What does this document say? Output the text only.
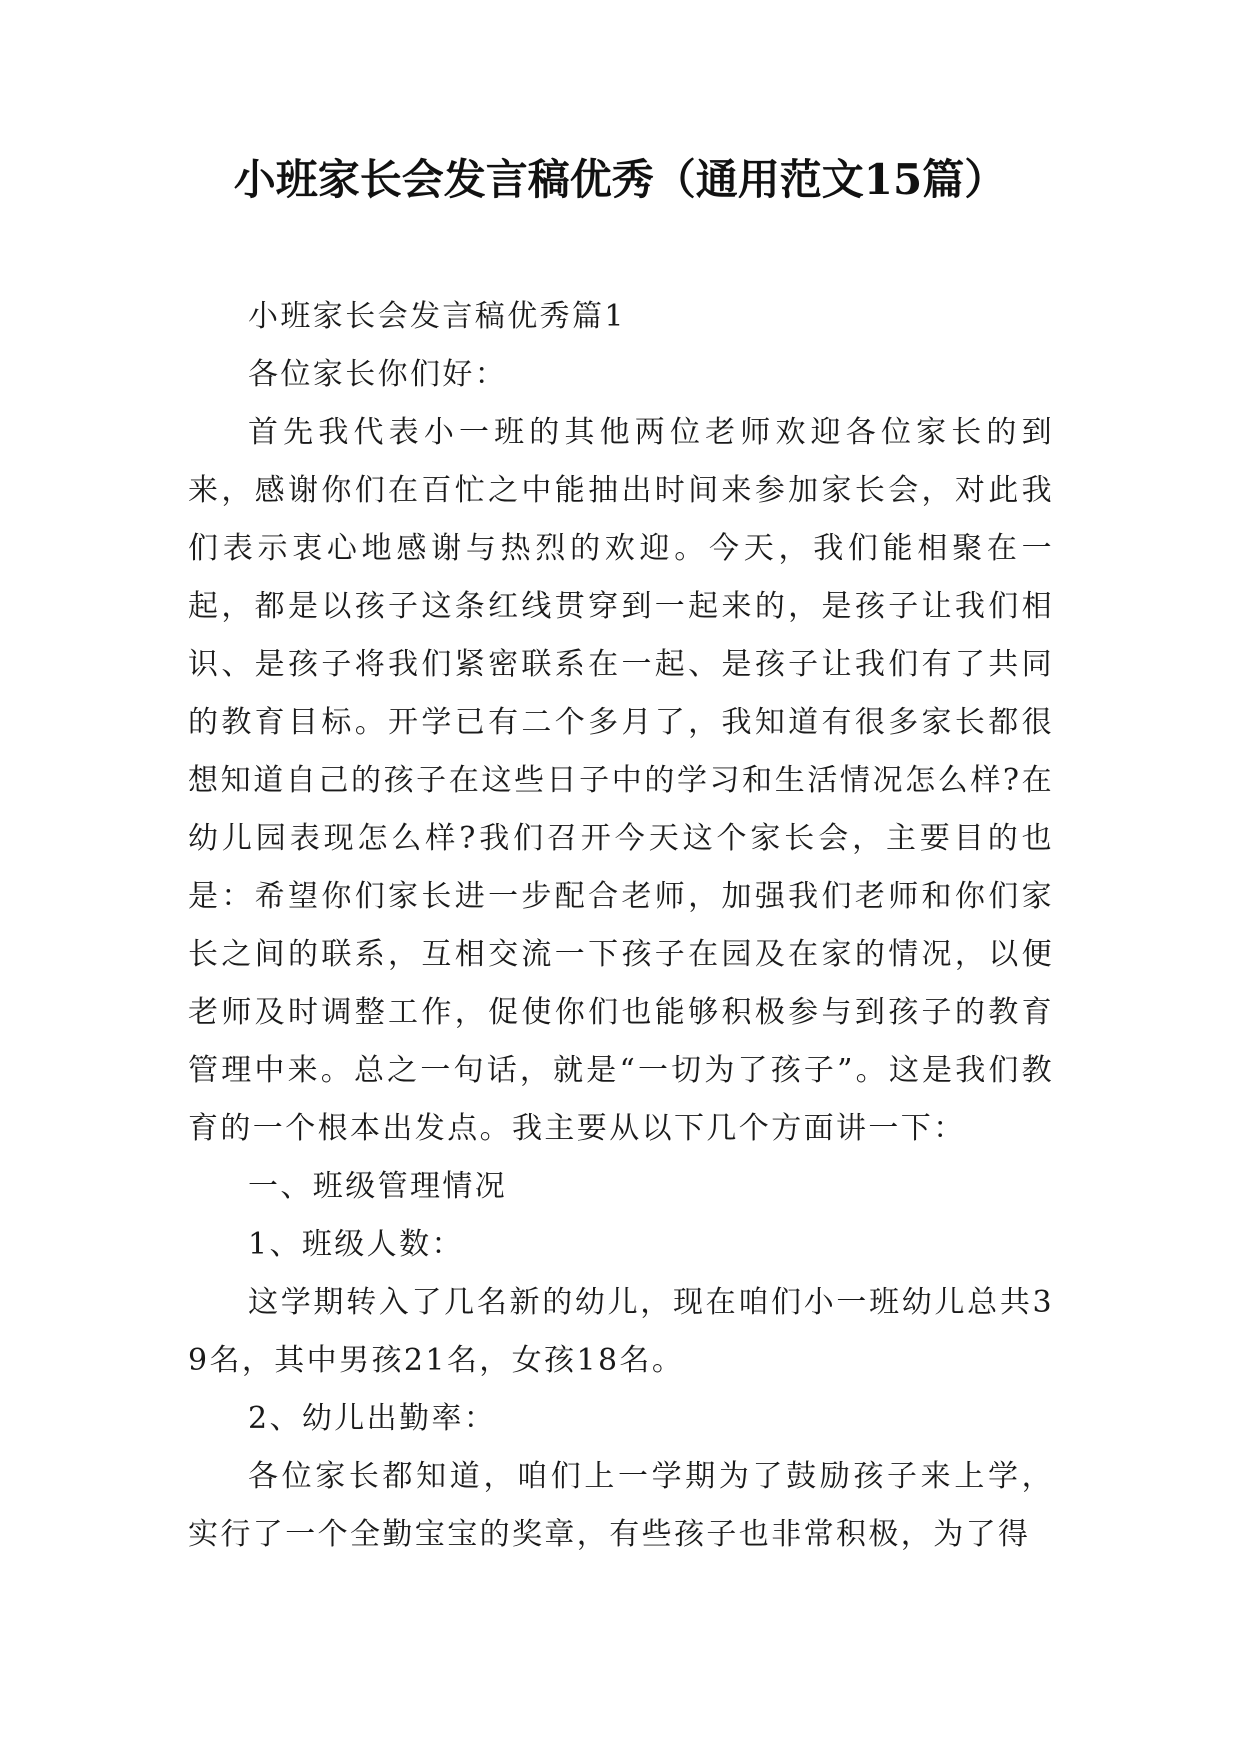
小班家长会发言稿优秀（通用范文15篇）

小班家长会发言稿优秀篇1

各位家长你们好：

首先我代表小一班的其他两位老师欢迎各位家长的到来，感谢你们在百忙之中能抽出时间来参加家长会，对此我们表示衷心地感谢与热烈的欢迎。今天，我们能相聚在一起，都是以孩子这条红线贯穿到一起来的，是孩子让我们相识、是孩子将我们紧密联系在一起、是孩子让我们有了共同的教育目标。开学已有二个多月了，我知道有很多家长都很想知道自己的孩子在这些日子中的学习和生活情况怎么样?在幼儿园表现怎么样?我们召开今天这个家长会，主要目的也是：希望你们家长进一步配合老师，加强我们老师和你们家长之间的联系，互相交流一下孩子在园及在家的情况，以便老师及时调整工作，促使你们也能够积极参与到孩子的教育管理中来。总之一句话，就是“一切为了孩子”。这是我们教育的一个根本出发点。我主要从以下几个方面讲一下：

一、班级管理情况

1、班级人数：

这学期转入了几名新的幼儿，现在咱们小一班幼儿总共39名，其中男孩21名，女孩18名。

2、幼儿出勤率：

各位家长都知道，咱们上一学期为了鼓励孩子来上学，实行了一个全勤宝宝的奖章，有些孩子也非常积极，为了得
